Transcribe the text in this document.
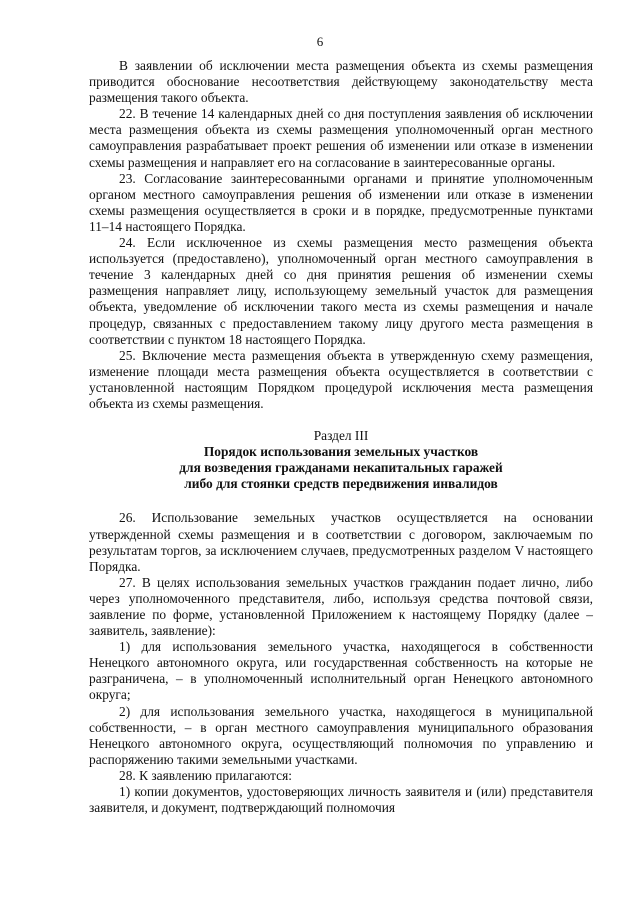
6

В заявлении об исключении места размещения объекта из схемы размещения приводится обоснование несоответствия действующему законодательству места размещения такого объекта.

22. В течение 14 календарных дней со дня поступления заявления об исключении места размещения объекта из схемы размещения уполномоченный орган местного самоуправления разрабатывает проект решения об изменении или отказе в изменении схемы размещения и направляет его на согласование в заинтересованные органы.

23. Согласование заинтересованными органами и принятие уполномоченным органом местного самоуправления решения об изменении или отказе в изменении схемы размещения осуществляется в сроки и в порядке, предусмотренные пунктами 11–14 настоящего Порядка.

24. Если исключенное из схемы размещения место размещения объекта используется (предоставлено), уполномоченный орган местного самоуправления в течение 3 календарных дней со дня принятия решения об изменении схемы размещения направляет лицу, использующему земельный участок для размещения объекта, уведомление об исключении такого места из схемы размещения и начале процедур, связанных с предоставлением такому лицу другого места размещения в соответствии с пунктом 18 настоящего Порядка.

25. Включение места размещения объекта в утвержденную схему размещения, изменение площади места размещения объекта осуществляется в соответствии с установленной настоящим Порядком процедурой исключения места размещения объекта из схемы размещения.

Раздел III

Порядок использования земельных участков

для возведения гражданами некапитальных гаражей

либо для стоянки средств передвижения инвалидов

26. Использование земельных участков осуществляется на основании утвержденной схемы размещения и в соответствии с договором, заключаемым по результатам торгов, за исключением случаев, предусмотренных разделом V настоящего Порядка.

27. В целях использования земельных участков гражданин подает лично, либо через уполномоченного представителя, либо, используя средства почтовой связи, заявление по форме, установленной Приложением к настоящему Порядку (далее – заявитель, заявление):

1) для использования земельного участка, находящегося в собственности Ненецкого автономного округа, или государственная собственность на которые не разграничена, – в уполномоченный исполнительный орган Ненецкого автономного округа;

2) для использования земельного участка, находящегося в муниципальной собственности, – в орган местного самоуправления муниципального образования Ненецкого автономного округа, осуществляющий полномочия по управлению и распоряжению такими земельными участками.

28. К заявлению прилагаются:

1) копии документов, удостоверяющих личность заявителя и (или) представителя заявителя, и документ, подтверждающий полномочия
